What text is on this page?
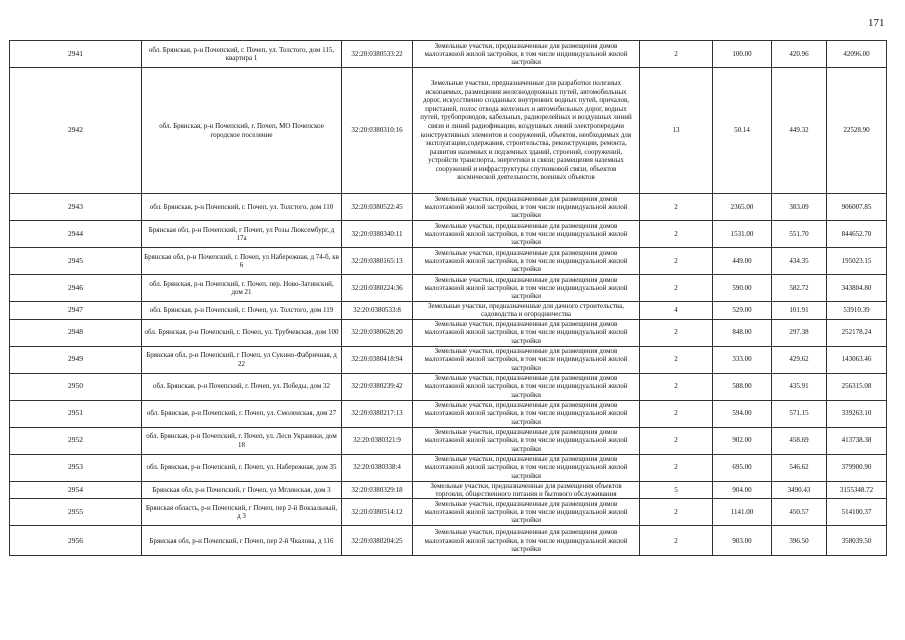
171
2941	обл. Брянская, р-н Почепский, г. Почеп, ул. Толстого, дом 115, квартира 1	32:20:0380533:22	Земельные участки, предназначенные для размещения домов малоэтажной жилой застройки, в том числе индивидуальной жилой застройки	2	100.00	420.96	42096.00
2942	обл. Брянская, р-н Почепский, г. Почеп, МО Почепское городское поселение	32:20:0380310:16	Земельные участки, предназначенные для разработки полезных ископаемых, размещения железнодорожных путей, автомобильных дорог, искусственно созданных внутренних водных путей, причалов, пристаней, полос отвода железных и автомобильных дорог, водных путей, трубопроводов, кабельных, радиорелейных и воздушных линий связи и линий радиофикации, воздушных линий электропередачи конструктивных элементов и сооружений, объектов, необходимых для эксплуатации,содержания, строительства, реконструкции, ремонта, развития наземных и подземных зданий, строений, сооружений, устройств транспорта, энергетики и связи; размещения наземных сооружений и инфраструктуры спутниковой связи, объектов космической деятельности, военных объектов	13	50.14	449.32	22528.90
2943	обл. Брянская, р-н Почепский, г. Почеп, ул. Толстого, дом 110	32:20:0380522:45	Земельные участки, предназначенные для размещения домов малоэтажной жилой застройки, в том числе индивидуальной жилой застройки	2	2365.00	383.09	906007.85
2944	Брянская обл, р-н Почепский, г Почеп, ул Розы Люксембург, д 17а	32:20:0380340:11	Земельные участки, предназначенные для размещения домов малоэтажной жилой застройки, в том числе индивидуальной жилой застройки	2	1531.00	551.70	844652.70
2945	Брянская обл, р-н Почепский, г. Почеп, ул Набережная, д 74-б, кв 6	32:20:0380165:13	Земельные участки, предназначенные для размещения домов малоэтажной жилой застройки, в том числе индивидуальной жилой застройки	2	449.00	434.35	195023.15
2946	обл. Брянская, р-н Почепский, г. Почеп, пер. Ново-Затинский, дом 21	32:20:0380224:36	Земельные участки, предназначенные для размещения домов малоэтажной жилой застройки, в том числе индивидуальной жилой застройки	2	590.00	582.72	343804.80
2947	обл. Брянская, р-н Почепский, г. Почеп, ул. Толстого, дом 119	32:20:0380533:8	Земельные участки, предназначенные для дачного строительства, садоводства и огородничества	4	529.00	101.91	53910.39
2948	обл. Брянская, р-н Почепский, г. Почеп, ул. Трубчевская, дом 100	32:20:0380628:20	Земельные участки, предназначенные для размещения домов малоэтажной жилой застройки, в том числе индивидуальной жилой застройки	2	848.00	297.38	252178.24
2949	Брянская обл, р-н Почепский, г Почеп, ул Сукнно-Фабричная, д 22	32:20:0380418:94	Земельные участки, предназначенные для размещения домов малоэтажной жилой застройки, в том числе индивидуальной жилой застройки	2	333.00	429.62	143063.46
2950	обл. Брянская, р-н Почепский, г. Почеп, ул. Победы, дом 32	32:20:0380239:42	Земельные участки, предназначенные для размещения домов малоэтажной жилой застройки, в том числе индивидуальной жилой застройки	2	588.00	435.91	256315.08
2951	обл. Брянская, р-н Почепский, г. Почеп, ул. Смоленская, дом 27	32:20:0380217:13	Земельные участки, предназначенные для размещения домов малоэтажной жилой застройки, в том числе индивидуальной жилой застройки	2	594.00	571.15	339263.10
2952	обл. Брянская, р-н Почепский, г. Почеп, ул. Леси Украинки, дом 18	32:20:0380321:9	Земельные участки, предназначенные для размещения домов малоэтажной жилой застройки, в том числе индивидуальной жилой застройки	2	902.00	458.69	413738.38
2953	обл. Брянская, р-н Почепский, г. Почеп, ул. Набережная, дом 35	32:20:0380338:4	Земельные участки, предназначенные для размещения домов малоэтажной жилой застройки, в том числе индивидуальной жилой застройки	2	695.00	546.62	379900.90
2954	Брянская обл, р-н Почепский, г Почеп, ул Мглинская, дом 3	32:20:0380329:18	Земельные участки, предназначенные для размещения объектов торговли, общественного питания и бытового обслуживания	5	904.00	3490.43	3155348.72
2955	Брянская область, р-н Почепский, г Почеп, пер 2-й Вокзальный, д 3	32:20:0380514:12	Земельные участки, предназначенные для размещения домов малоэтажной жилой застройки, в том числе индивидуальной жилой застройки	2	1141.00	450.57	514100.37
2956	Брянская обл, р-н Почепский, г Почеп, пер 2-й Чкалова, д 116	32:20:0380204:25	Земельные участки, предназначенные для размещения домов малоэтажной жилой застройки, в том числе индивидуальной жилой застройки	2	903.00	396.50	358039.50
